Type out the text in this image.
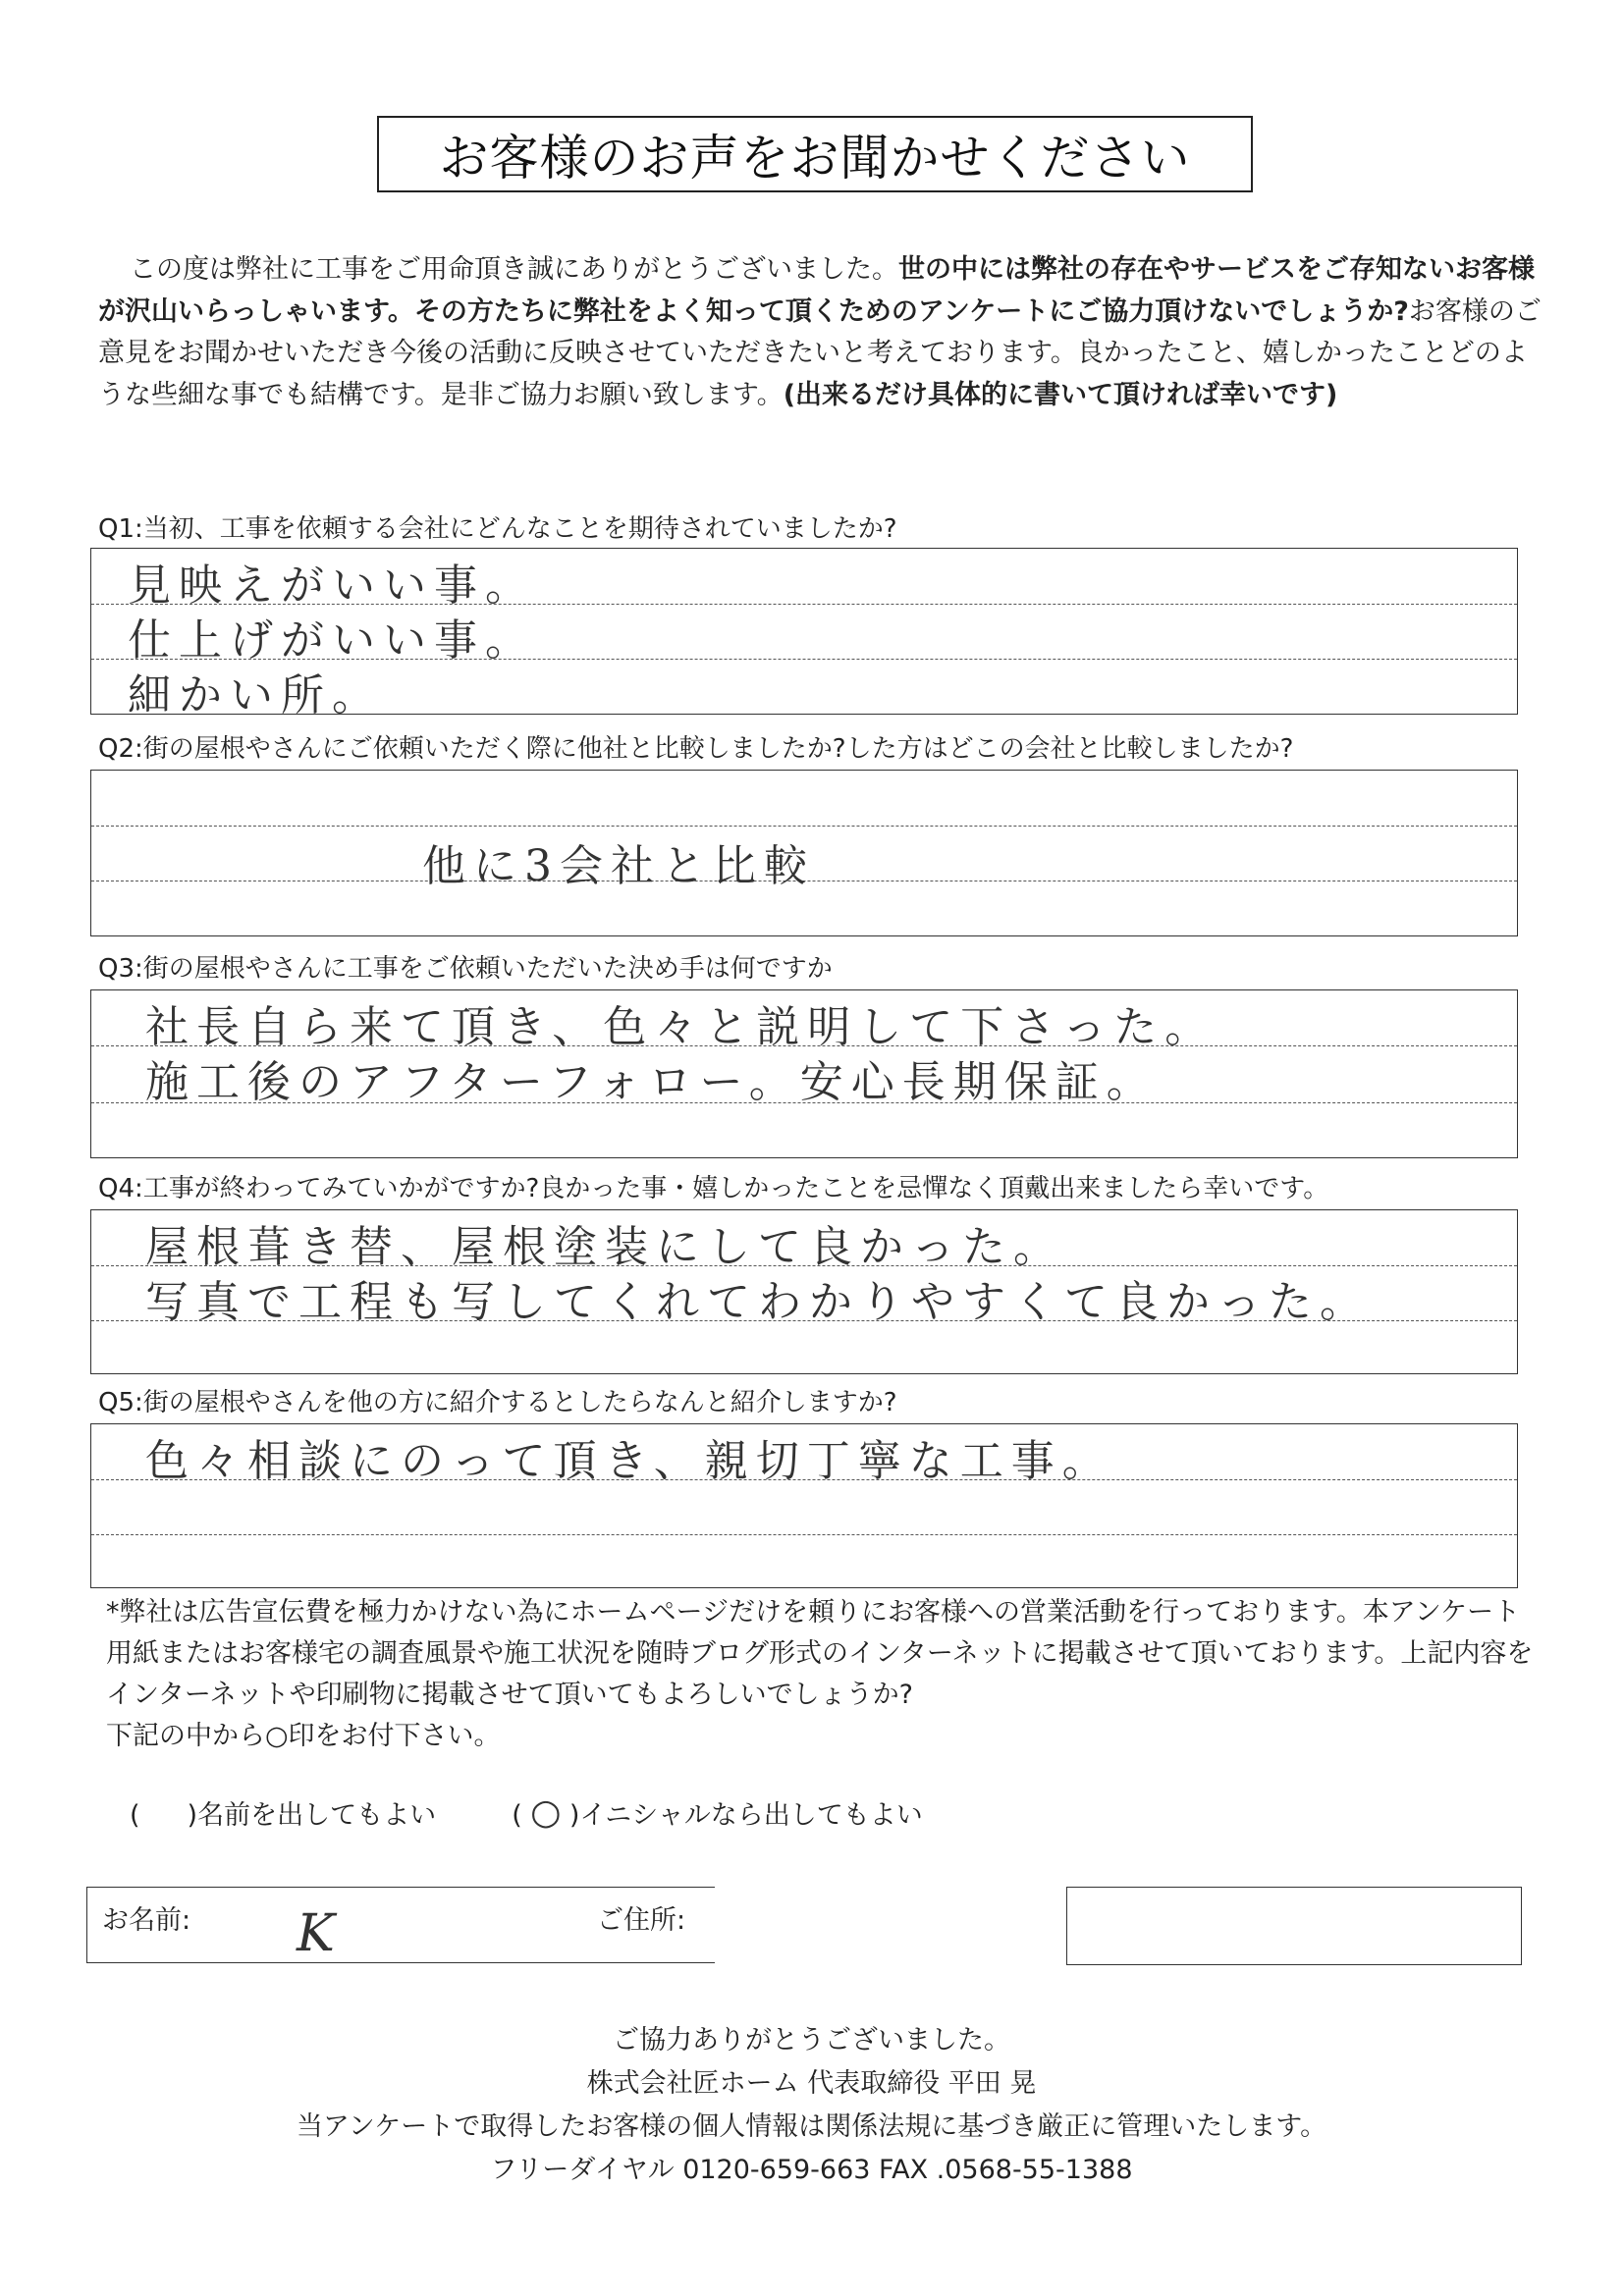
お客様のお声をお聞かせください
この度は弊社に工事をご用命頂き誠にありがとうございました。世の中には弊社の存在やサービスをご存知ないお客様が沢山いらっしゃいます。その方たちに弊社をよく知って頂くためのアンケートにご協力頂けないでしょうか?お客様のご意見をお聞かせいただき今後の活動に反映させていただきたいと考えております。良かったこと、嬉しかったことどのような些細な事でも結構です。是非ご協力お願い致します。(出来るだけ具体的に書いて頂ければ幸いです)
Q1:当初、工事を依頼する会社にどんなことを期待されていましたか?
見映えがいい事。
仕上げがいい事。
細かい所。
Q2:街の屋根やさんにご依頼いただく際に他社と比較しましたか?した方はどこの会社と比較しましたか?
他に3会社と比較
Q3:街の屋根やさんに工事をご依頼いただいた決め手は何ですか
社長自ら来て頂き、色々と説明して下さった。
施工後のアフターフォロー。安心長期保証。
Q4:工事が終わってみていかがですか?良かった事・嬉しかったことを忌憚なく頂戴出来ましたら幸いです。
屋根葺き替、屋根塗装にして良かった。
写真で工程も写してくれてわかりやすくて良かった。
Q5:街の屋根やさんを他の方に紹介するとしたらなんと紹介しますか?
色々相談にのって頂き、親切丁寧な工事。
*弊社は広告宣伝費を極力かけない為にホームページだけを頼りにお客様への営業活動を行っております。本アンケート用紙またはお客様宅の調査風景や施工状況を随時ブログ形式のインターネットに掲載させて頂いております。上記内容をインターネットや印刷物に掲載させて頂いてもよろしいでしょうか?
下記の中から○印をお付下さい。
( )名前を出してもよい	( ○ )イニシャルなら出してもよい
お名前: K	ご住所:
ご協力ありがとうございました。
株式会社匠ホーム 代表取締役 平田 晃
当アンケートで取得したお客様の個人情報は関係法規に基づき厳正に管理いたします。
フリーダイヤル 0120-659-663 FAX .0568-55-1388
